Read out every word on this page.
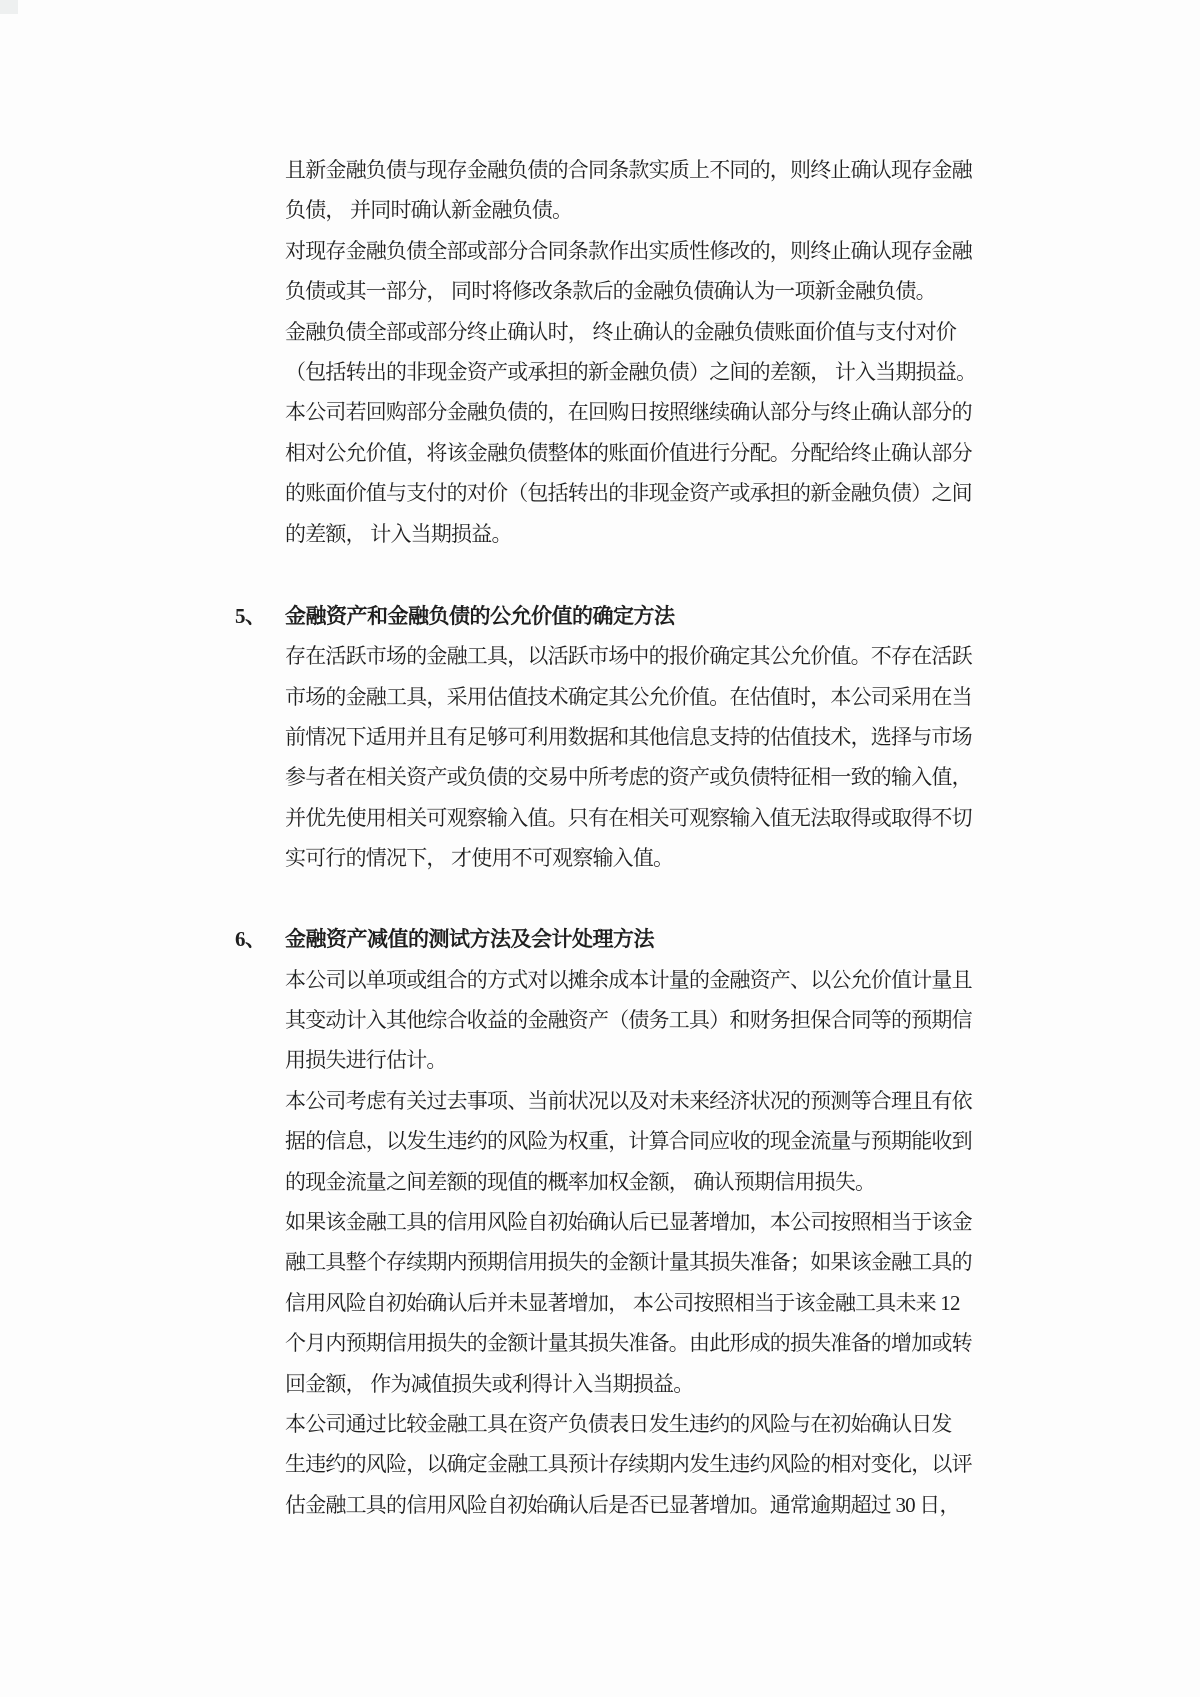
且新金融负债与现存金融负债的合同条款实质上不同的，则终止确认现存金融
负债， 并同时确认新金融负债。
对现存金融负债全部或部分合同条款作出实质性修改的，则终止确认现存金融
负债或其一部分， 同时将修改条款后的金融负债确认为一项新金融负债。
金融负债全部或部分终止确认时， 终止确认的金融负债账面价值与支付对价
（包括转出的非现金资产或承担的新金融负债）之间的差额， 计入当期损益。
本公司若回购部分金融负债的，在回购日按照继续确认部分与终止确认部分的
相对公允价值，将该金融负债整体的账面价值进行分配。分配给终止确认部分
的账面价值与支付的对价（包括转出的非现金资产或承担的新金融负债）之间
的差额， 计入当期损益。
5、 金融资产和金融负债的公允价值的确定方法
存在活跃市场的金融工具，以活跃市场中的报价确定其公允价值。不存在活跃
市场的金融工具，采用估值技术确定其公允价值。在估值时，本公司采用在当
前情况下适用并且有足够可利用数据和其他信息支持的估值技术，选择与市场
参与者在相关资产或负债的交易中所考虑的资产或负债特征相一致的输入值，
并优先使用相关可观察输入值。只有在相关可观察输入值无法取得或取得不切
实可行的情况下， 才使用不可观察输入值。
6、 金融资产减值的测试方法及会计处理方法
本公司以单项或组合的方式对以摊余成本计量的金融资产、以公允价值计量且
其变动计入其他综合收益的金融资产（债务工具）和财务担保合同等的预期信
用损失进行估计。
本公司考虑有关过去事项、当前状况以及对未来经济状况的预测等合理且有依
据的信息，以发生违约的风险为权重，计算合同应收的现金流量与预期能收到
的现金流量之间差额的现值的概率加权金额， 确认预期信用损失。
如果该金融工具的信用风险自初始确认后已显著增加，本公司按照相当于该金
融工具整个存续期内预期信用损失的金额计量其损失准备；如果该金融工具的
信用风险自初始确认后并未显著增加， 本公司按照相当于该金融工具未来 12
个月内预期信用损失的金额计量其损失准备。由此形成的损失准备的增加或转
回金额， 作为减值损失或利得计入当期损益。
本公司通过比较金融工具在资产负债表日发生违约的风险与在初始确认日发
生违约的风险，以确定金融工具预计存续期内发生违约风险的相对变化，以评
估金融工具的信用风险自初始确认后是否已显著增加。通常逾期超过 30 日，
